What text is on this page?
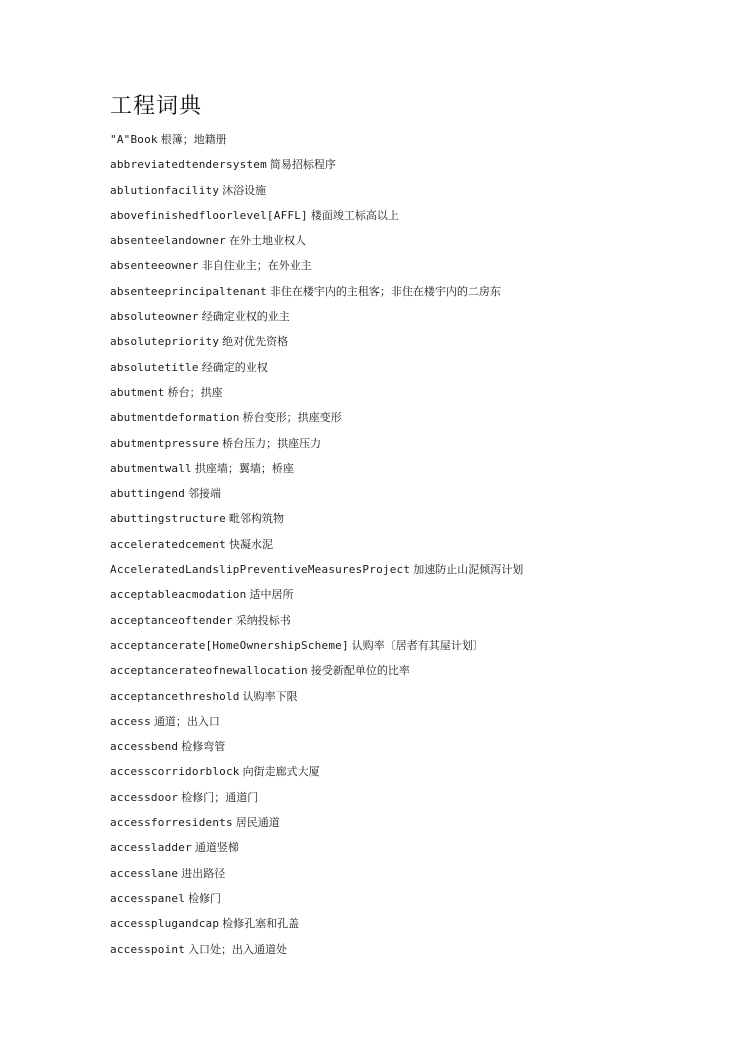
工程词典
"A"Book 根簿；地籍册
abbreviatedtendersystem 简易招标程序
ablutionfacility 沐浴设施
abovefinishedfloorlevel[AFFL] 楼面竣工标高以上
absenteelandowner 在外土地业权人
absenteeowner 非自住业主；在外业主
absenteeprincipaltenant 非住在楼宇内的主租客；非住在楼宇内的二房东
absoluteowner 经确定业权的业主
absolutepriority 绝对优先资格
absolutetitle 经确定的业权
abutment 桥台；拱座
abutmentdeformation 桥台变形；拱座变形
abutmentpressure 桥台压力；拱座压力
abutmentwall 拱座墙；翼墙；桥座
abuttingend 邻接端
abuttingstructure 毗邻构筑物
acceleratedcement 快凝水泥
AcceleratedLandslipPreventiveMeasuresProject 加速防止山泥倾泻计划
acceptableacmodation 适中居所
acceptanceoftender 采纳投标书
acceptancerate[HomeOwnershipScheme] 认购率〔居者有其屋计划〕
acceptancerateofnewallocation 接受新配单位的比率
acceptancethreshold 认购率下限
access 通道；出入口
accessbend 检修弯管
accesscorridorblock 向街走廊式大厦
accessdoor 检修门；通道门
accessforresidents 居民通道
accessladder 通道竖梯
accesslane 进出路径
accesspanel 检修门
accessplugandcap 检修孔塞和孔盖
accesspoint 入口处；出入通道处
